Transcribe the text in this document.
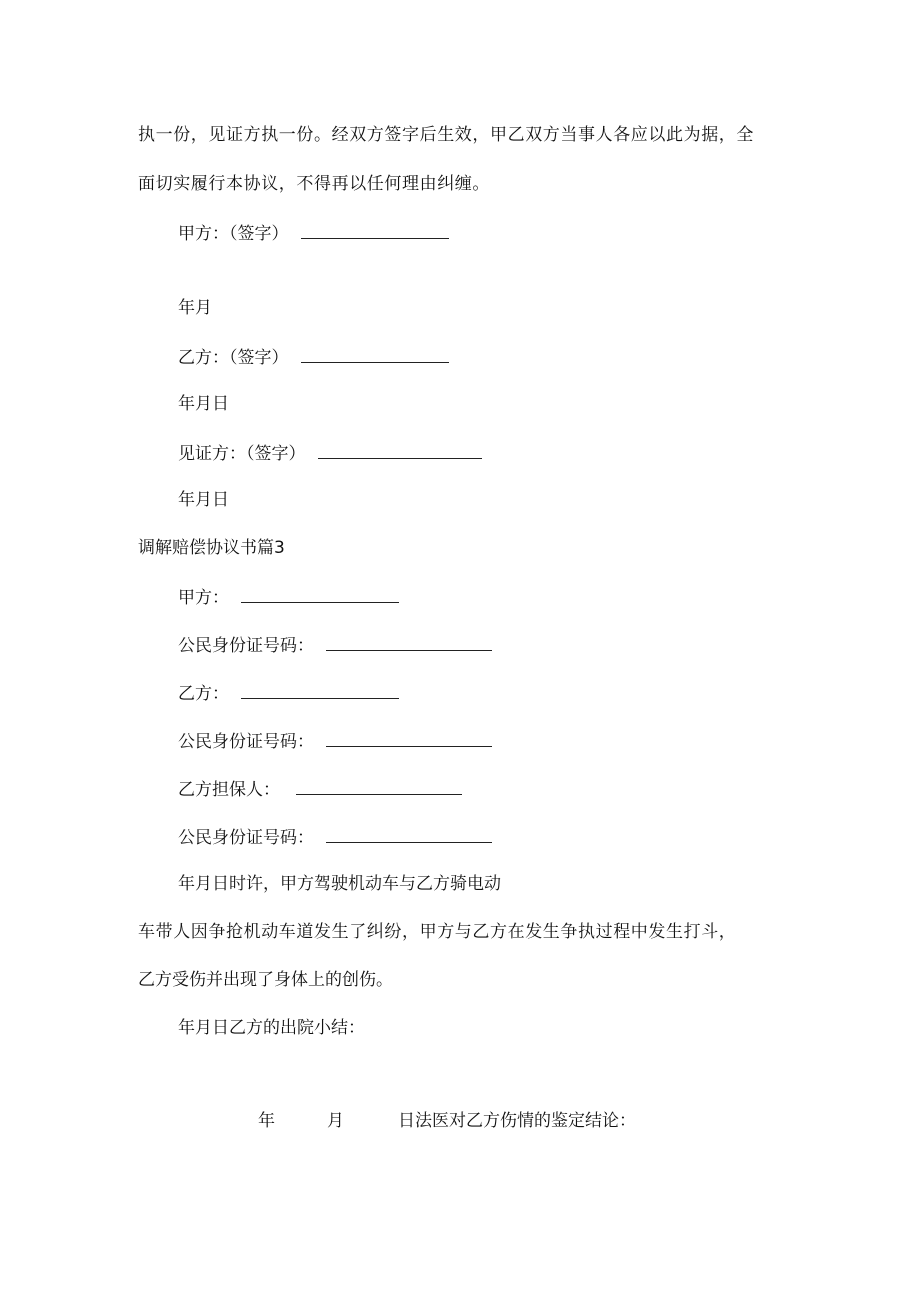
执一份，见证方执一份。经双方签字后生效，甲乙双方当事人各应以此为据，全
面切实履行本协议，不得再以任何理由纠缠。
甲方：（签字）
年月
乙方：（签字）
年月日
见证方：（签字）
年月日
调解赔偿协议书篇3
甲方：
公民身份证号码：
乙方：
公民身份证号码：
乙方担保人：
公民身份证号码：
年月日时许，甲方驾驶机动车与乙方骑电动
车带人因争抢机动车道发生了纠纷，甲方与乙方在发生争执过程中发生打斗，
乙方受伤并出现了身体上的创伤。
年月日乙方的出院小结：
年	月	日法医对乙方伤情的鉴定结论：
